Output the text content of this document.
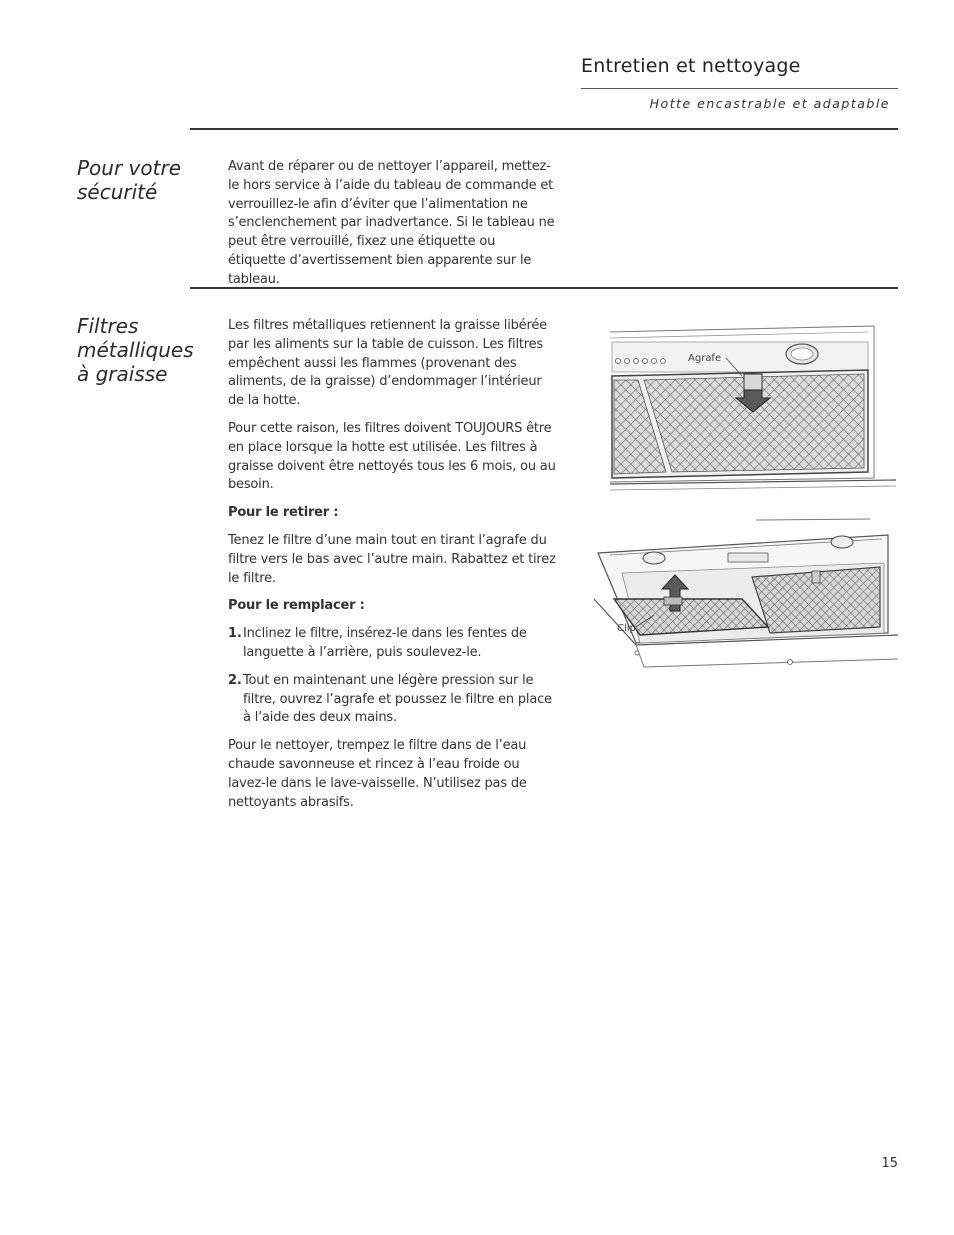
Entretien et nettoyage
Hotte encastrable et adaptable
Pour votre
sécurité

Avant de réparer ou de nettoyer l’appareil, mettez-le hors service à l’aide du tableau de commande et verrouillez-le afin d’éviter que l’alimentation ne s’enclenchement par inadvertance. Si le tableau ne peut être verrouillé, fixez une étiquette ou étiquette d’avertissement bien apparente sur le tableau.

Filtres
métalliques
à graisse

Les filtres métalliques retiennent la graisse libérée par les aliments sur la table de cuisson. Les filtres empêchent aussi les flammes (provenant des aliments, de la graisse) d’endommager l’intérieur de la hotte.

Pour cette raison, les filtres doivent TOUJOURS être en place lorsque la hotte est utilisée. Les filtres à graisse doivent être nettoyés tous les 6 mois, ou au besoin.

Pour le retirer :

Tenez le filtre d’une main tout en tirant l’agrafe du filtre vers le bas avec l’autre main. Rabattez et tirez le filtre.

Pour le remplacer :

1. Inclinez le filtre, insérez-le dans les fentes de languette à l’arrière, puis soulevez-le.
2. Tout en maintenant une légère pression sur le filtre, ouvrez l’agrafe et poussez le filtre en place à l’aide des deux mains.

Pour le nettoyer, trempez le filtre dans de l’eau chaude savonneuse et rincez à l’eau froide ou lavez-le dans le lave-vaisselle. N’utilisez pas de nettoyants abrasifs.

Agrafe
Clip
15
